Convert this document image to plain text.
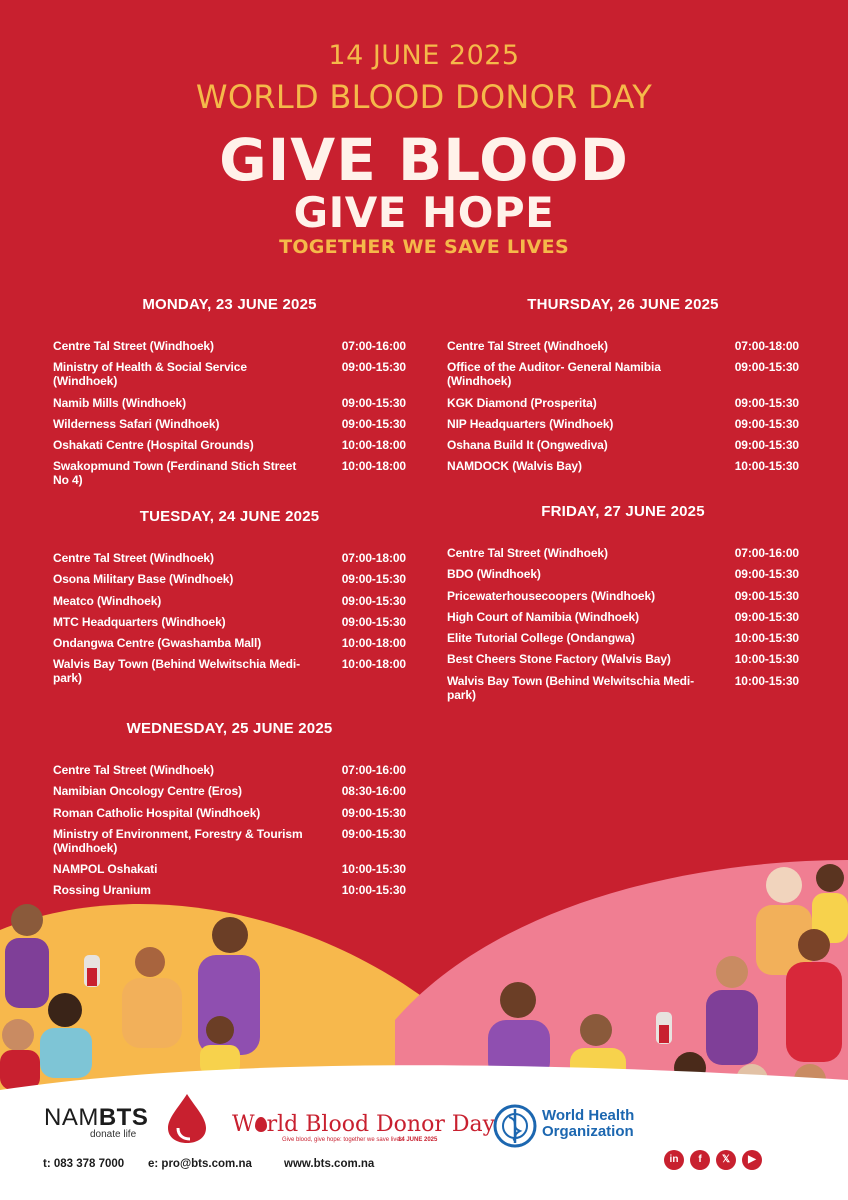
14 JUNE 2025
WORLD BLOOD DONOR DAY
GIVE BLOOD
GIVE HOPE
TOGETHER WE SAVE LIVES
MONDAY, 23 JUNE 2025
Centre Tal Street (Windhoek)	07:00-16:00
Ministry of Health & Social Service (Windhoek)
09:00-15:30
Namib Mills (Windhoek)	09:00-15:30
Wilderness Safari (Windhoek)	09:00-15:30
Oshakati Centre (Hospital Grounds)	10:00-18:00
Swakopmund Town (Ferdinand Stich Street No 4)
10:00-18:00
TUESDAY, 24 JUNE 2025
Centre Tal Street (Windhoek)	07:00-18:00
Osona Military Base (Windhoek)	09:00-15:30
Meatco (Windhoek)	09:00-15:30
MTC Headquarters (Windhoek)	09:00-15:30
Ondangwa Centre (Gwashamba Mall)	10:00-18:00
Walvis Bay Town (Behind Welwitschia Medi-park)
10:00-18:00
WEDNESDAY, 25 JUNE 2025
Centre Tal Street (Windhoek)	07:00-16:00
Namibian Oncology Centre (Eros)	08:30-16:00
Roman Catholic Hospital (Windhoek)	09:00-15:30
Ministry of Environment, Forestry & Tourism (Windhoek)
09:00-15:30
NAMPOL Oshakati	10:00-15:30
Rossing Uranium	10:00-15:30
THURSDAY, 26 JUNE 2025
Centre Tal Street (Windhoek)	07:00-18:00
Office of the Auditor- General Namibia (Windhoek)
09:00-15:30
KGK Diamond (Prosperita)	09:00-15:30
NIP Headquarters (Windhoek)	09:00-15:30
Oshana Build It (Ongwediva)	09:00-15:30
NAMDOCK (Walvis Bay)	10:00-15:30
FRIDAY, 27 JUNE 2025
Centre Tal Street (Windhoek)	07:00-16:00
BDO (Windhoek)	09:00-15:30
Pricewaterhousecoopers (Windhoek)	09:00-15:30
High Court of Namibia (Windhoek)	09:00-15:30
Elite Tutorial College (Ondangwa)	10:00-15:30
Best Cheers Stone Factory (Walvis Bay)	10:00-15:30
Walvis Bay Town (Behind Welwitschia Medi-park)
10:00-15:30
NAMBTS
donate life	W rld Blood Donor Day
Give blood, give hope: together we save lives.
14 JUNE 2025
World Health
Organization
t: 083 378 7000 e: pro@bts.com.na	www.bts.com.na	in	f	𝕏	▶
